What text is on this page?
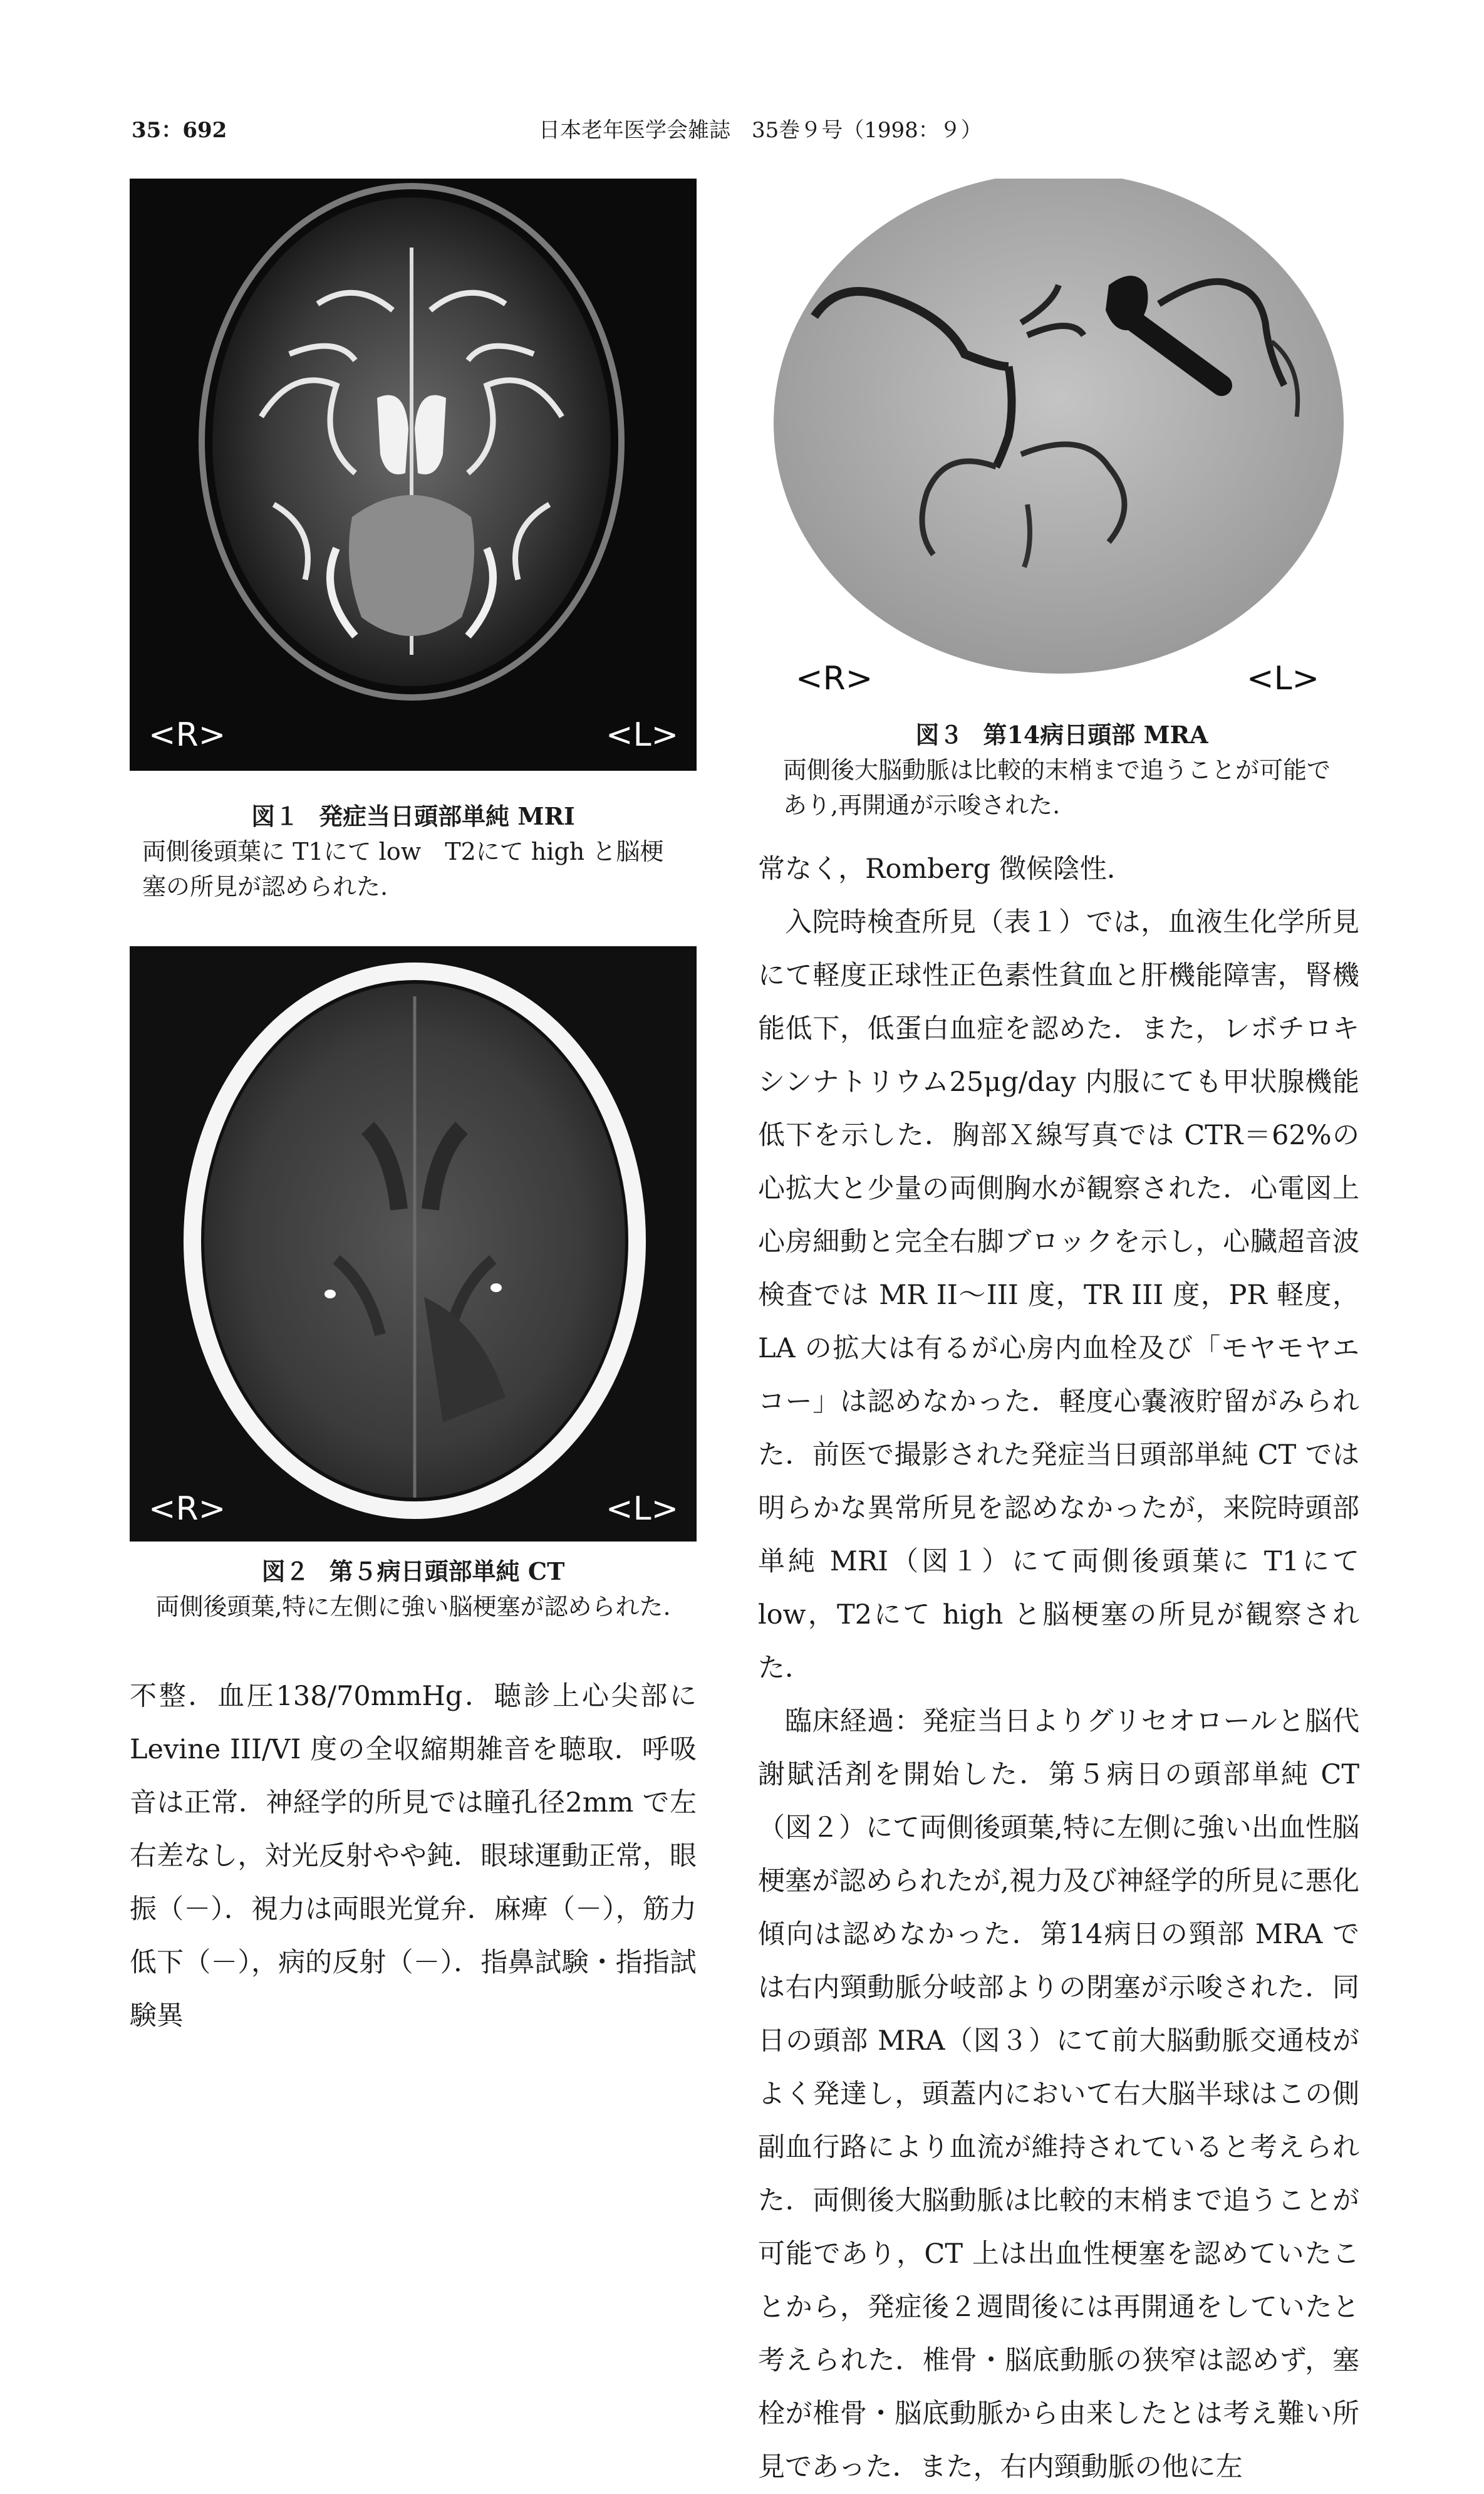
35：692	日本老年医学会雑誌　35巻９号（1998：９）
<R>	<L>
図１ 発症当日頭部単純 MRI
両側後頭葉に T1にて low　T2にて high と脳梗塞の所見が認められた.
<R>	<L>
図２ 第５病日頭部単純 CT
両側後頭葉,特に左側に強い脳梗塞が認められた.
<R>	<L>
図３ 第14病日頭部 MRA
両側後大脳動脈は比較的末梢まで追うことが可能であり,再開通が示唆された.

不整．血圧138/70mmHg．聴診上心尖部に Levine III/VI 度の全収縮期雑音を聴取．呼吸音は正常．神経学的所見では瞳孔径2mm で左右差なし，対光反射やや鈍．眼球運動正常，眼振（－）．視力は両眼光覚弁．麻痺（－），筋力低下（－），病的反射（－）．指鼻試験・指指試験異

常なく，Romberg 徴候陰性．

入院時検査所見（表１）では，血液生化学所見にて軽度正球性正色素性貧血と肝機能障害，腎機能低下，低蛋白血症を認めた．また，レボチロキシンナトリウム25μg/day 内服にても甲状腺機能低下を示した．胸部Ｘ線写真では CTR＝62%の心拡大と少量の両側胸水が観察された．心電図上心房細動と完全右脚ブロックを示し，心臓超音波検査では MR II～III 度，TR III 度，PR 軽度，LA の拡大は有るが心房内血栓及び「モヤモヤエコー」は認めなかった．軽度心嚢液貯留がみられた．前医で撮影された発症当日頭部単純 CT では明らかな異常所見を認めなかったが，来院時頭部単純 MRI（図１）にて両側後頭葉に T1にて low，T2にて high と脳梗塞の所見が観察された．

臨床経過：発症当日よりグリセオロールと脳代謝賦活剤を開始した．第５病日の頭部単純 CT（図２）にて両側後頭葉,特に左側に強い出血性脳梗塞が認められたが,視力及び神経学的所見に悪化傾向は認めなかった．第14病日の頸部 MRA では右内頸動脈分岐部よりの閉塞が示唆された．同日の頭部 MRA（図３）にて前大脳動脈交通枝がよく発達し，頭蓋内において右大脳半球はこの側副血行路により血流が維持されていると考えられた．両側後大脳動脈は比較的末梢まで追うことが可能であり，CT 上は出血性梗塞を認めていたことから，発症後２週間後には再開通をしていたと考えられた．椎骨・脳底動脈の狭窄は認めず，塞栓が椎骨・脳底動脈から由来したとは考え難い所見であった．また，右内頸動脈の他に左
